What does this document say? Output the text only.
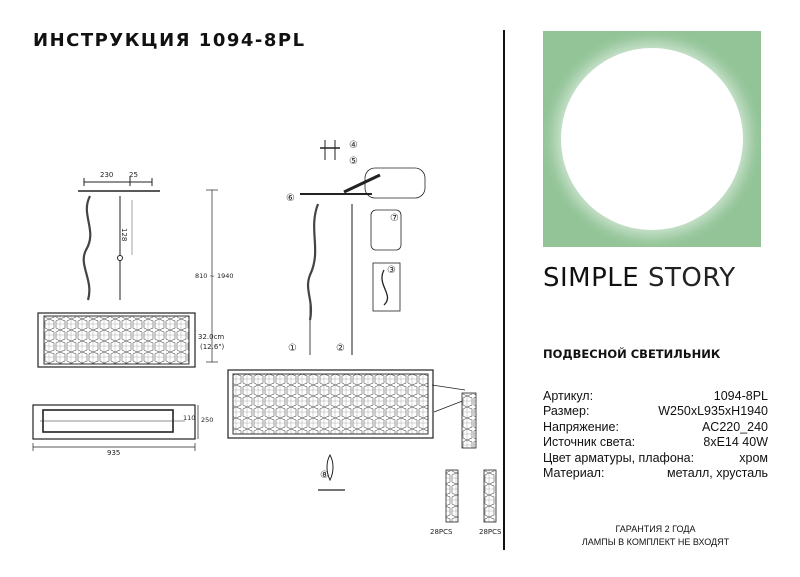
ИНСТРУКЦИЯ 1094-8PL
230 25
128
810 ~ 1940
32.0cm
(12.6")
110 250
935
①	②
③
④
⑤
⑥
⑦
⑧
28PCS	28PCS
SIMPLE STORY
ПОДВЕСНОЙ СВЕТИЛЬНИК
Артикул:	1094-8PL
Размер:	W250xL935xH1940
Напряжение:	AC220_240
Источник света:	8xE14 40W
Цвет арматуры, плафона:	хром
Материал:	металл, хрусталь
ГАРАНТИЯ 2 ГОДА
ЛАМПЫ В КОМПЛЕКТ НЕ ВХОДЯТ
